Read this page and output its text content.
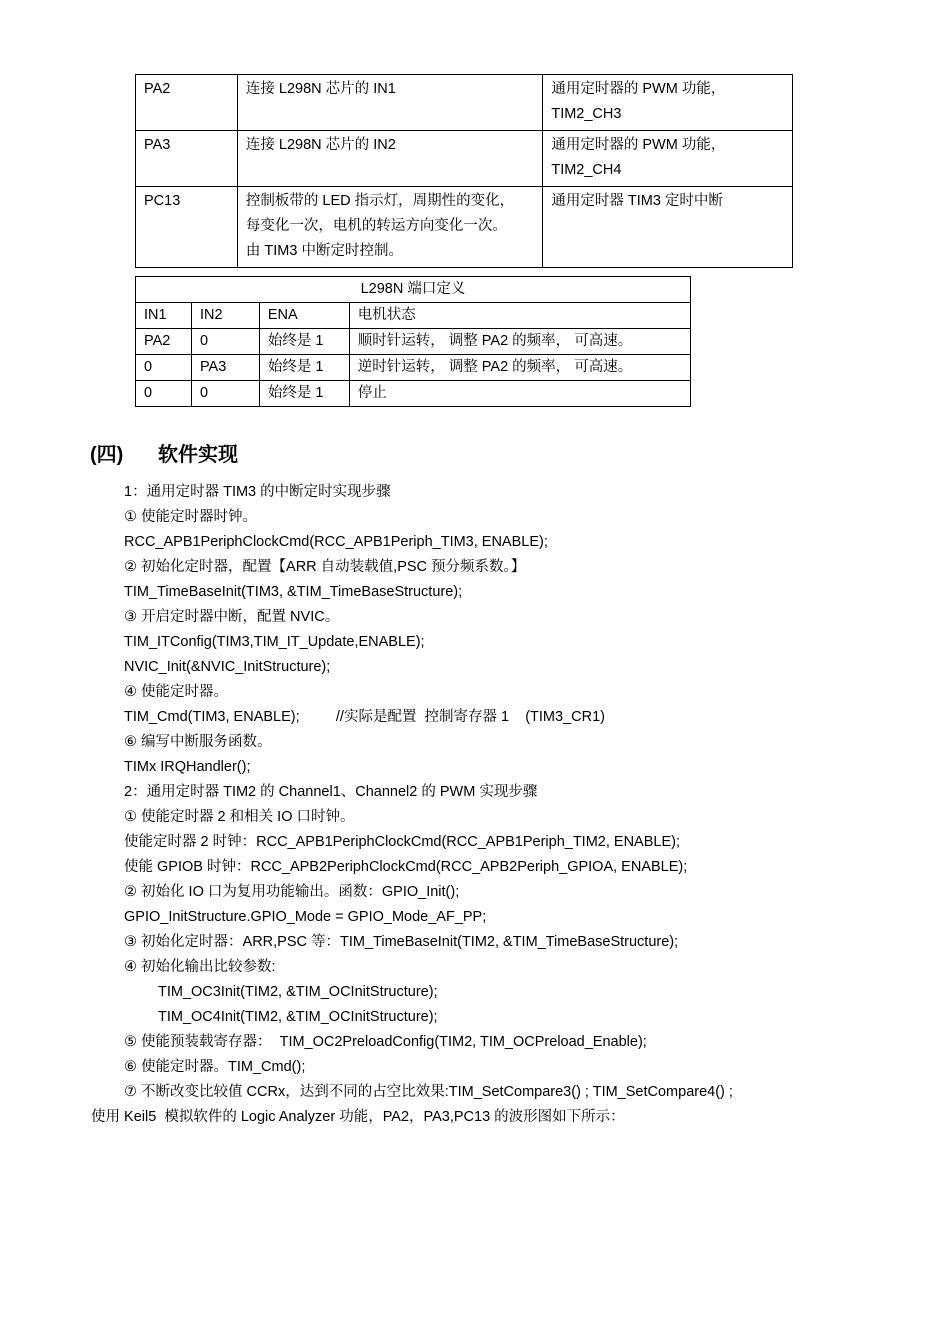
PA2	连接 L298N 芯片的 IN1	通用定时器的 PWM 功能，
TIM2_CH3
PA3	连接 L298N 芯片的 IN2	通用定时器的 PWM 功能，
TIM2_CH4
PC13	控制板带的 LED 指示灯，周期性的变化，
每变化一次，电机的转运方向变化一次。
由 TIM3 中断定时控制。	通用定时器 TIM3 定时中断
L298N 端口定义			
IN1	IN2	ENA	电机状态
PA2	0	始终是 1	顺时针运转， 调整 PA2 的频率， 可高速。
0	PA3	始终是 1	逆时针运转， 调整 PA2 的频率， 可高速。
0	0	始终是 1	停止
(四) 软件实现
1：通用定时器 TIM3 的中断定时实现步骤
① 使能定时器时钟。
RCC_APB1PeriphClockCmd(RCC_APB1Periph_TIM3, ENABLE);
② 初始化定时器，配置【ARR 自动装载值,PSC 预分频系数。】
TIM_TimeBaseInit(TIM3, &TIM_TimeBaseStructure);
③ 开启定时器中断，配置 NVIC。
TIM_ITConfig(TIM3,TIM_IT_Update,ENABLE);
NVIC_Init(&NVIC_InitStructure);
④ 使能定时器。
TIM_Cmd(TIM3, ENABLE);         //实际是配置  控制寄存器 1    (TIM3_CR1)
⑥ 编写中断服务函数。
TIMx IRQHandler();
2：通用定时器 TIM2 的 Channel1、Channel2 的 PWM 实现步骤
① 使能定时器 2 和相关 IO 口时钟。
使能定时器 2 时钟：RCC_APB1PeriphClockCmd(RCC_APB1Periph_TIM2, ENABLE);
使能 GPIOB 时钟：RCC_APB2PeriphClockCmd(RCC_APB2Periph_GPIOA, ENABLE);
② 初始化 IO 口为复用功能输出。函数：GPIO_Init();
GPIO_InitStructure.GPIO_Mode = GPIO_Mode_AF_PP;
③ 初始化定时器：ARR,PSC 等：TIM_TimeBaseInit(TIM2, &TIM_TimeBaseStructure);
④ 初始化输出比较参数:
TIM_OC3Init(TIM2, &TIM_OCInitStructure);
TIM_OC4Init(TIM2, &TIM_OCInitStructure);
⑤ 使能预装载寄存器：  TIM_OC2PreloadConfig(TIM2, TIM_OCPreload_Enable);
⑥ 使能定时器。TIM_Cmd();
⑦ 不断改变比较值 CCRx，达到不同的占空比效果:TIM_SetCompare3() ; TIM_SetCompare4() ;
使用 Keil5  模拟软件的 Logic Analyzer 功能，PA2，PA3,PC13 的波形图如下所示：
